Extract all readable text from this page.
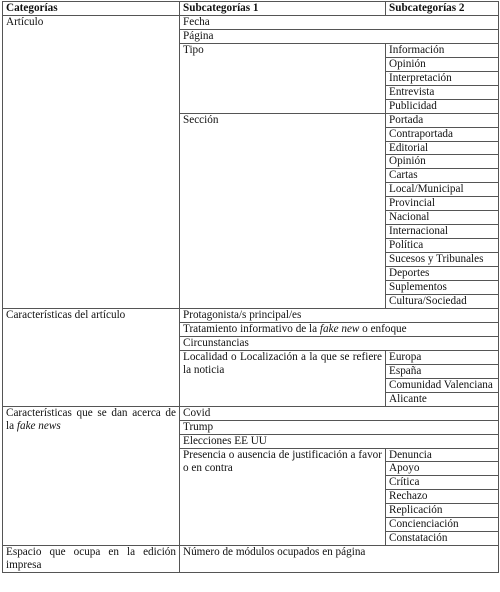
Categorías	Subcategorías 1	Subcategorías 2
Artículo	Fecha	
	Página	
	Tipo	Información
		Opinión
		Interpretación
		Entrevista
		Publicidad
	Sección	Portada
		Contraportada
		Editorial
		Opinión
		Cartas
		Local/Municipal
		Provincial
		Nacional
		Internacional
		Política
		Sucesos y Tribunales
		Deportes
		Suplementos
		Cultura/Sociedad
Características del artículo	Protagonista/s principal/es	
	Tratamiento informativo de la fake new o enfoque	
	Circunstancias	
	Localidad o Localización a la que se refiere la noticia	Europa
		España
		Comunidad Valenciana
		Alicante
Características que se dan acerca de la fake news	Covid	
	Trump	
	Elecciones EE UU	
	Presencia o ausencia de justificación a favor o en contra	Denuncia
		Apoyo
		Crítica
		Rechazo
		Replicación
		Concienciación
		Constatación
Espacio que ocupa en la edición impresa	Número de módulos ocupados en página	
